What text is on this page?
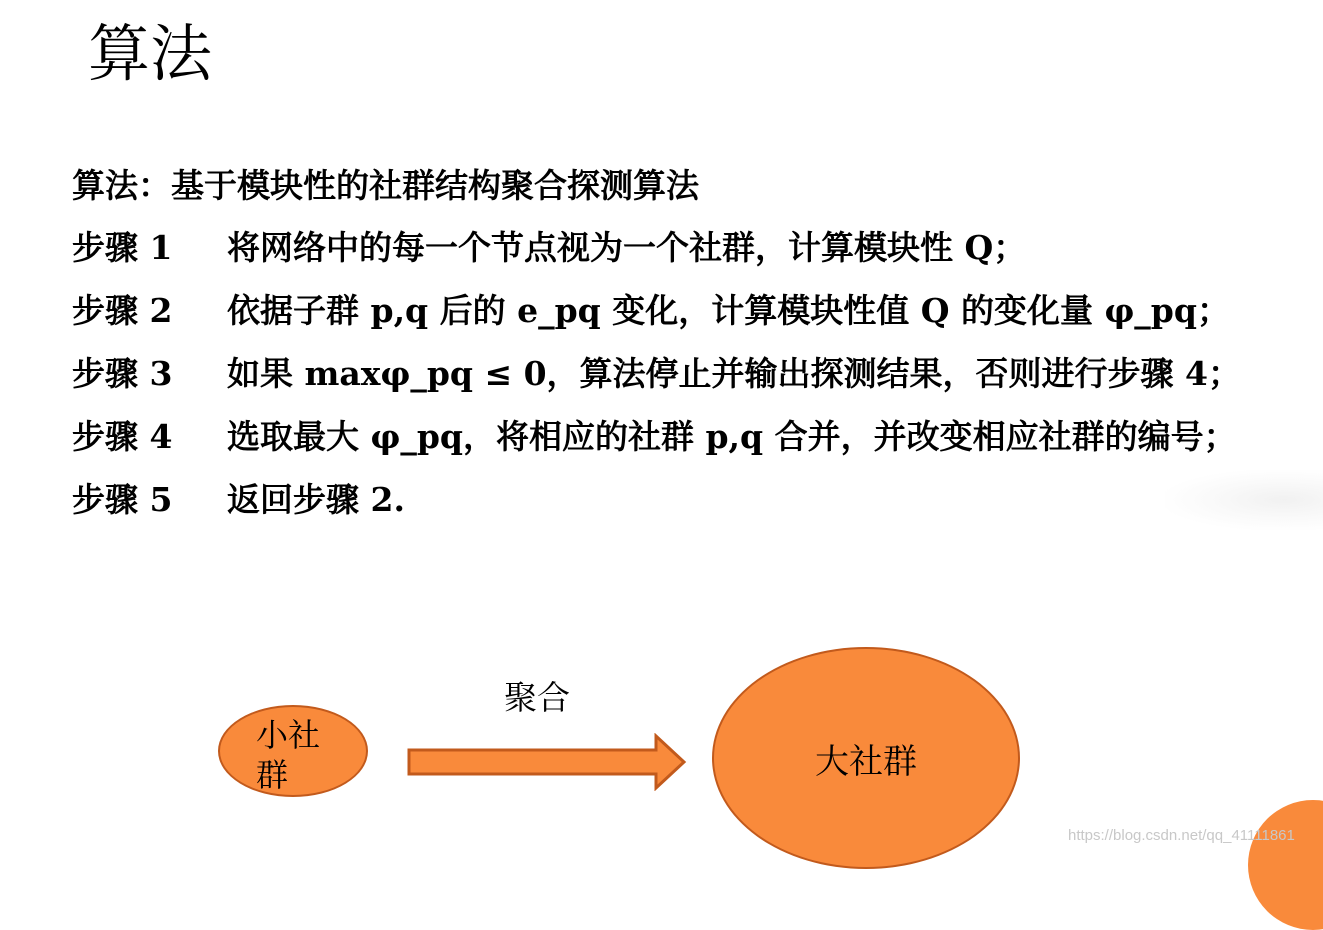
算法
算法：基于模块性的社群结构聚合探测算法
步骤 1	将网络中的每一个节点视为一个社群，计算模块性 Q；
步骤 2	依据子群 p,q 后的 e_pq 变化，计算模块性值 Q 的变化量 φ_pq；
步骤 3	如果 maxφ_pq ≤ 0，算法停止并输出探测结果，否则进行步骤 4；
步骤 4	选取最大 φ_pq，将相应的社群 p,q 合并，并改变相应社群的编号；
步骤 5	返回步骤 2.
小社群
聚合
大社群
https://blog.csdn.net/qq_41111861
